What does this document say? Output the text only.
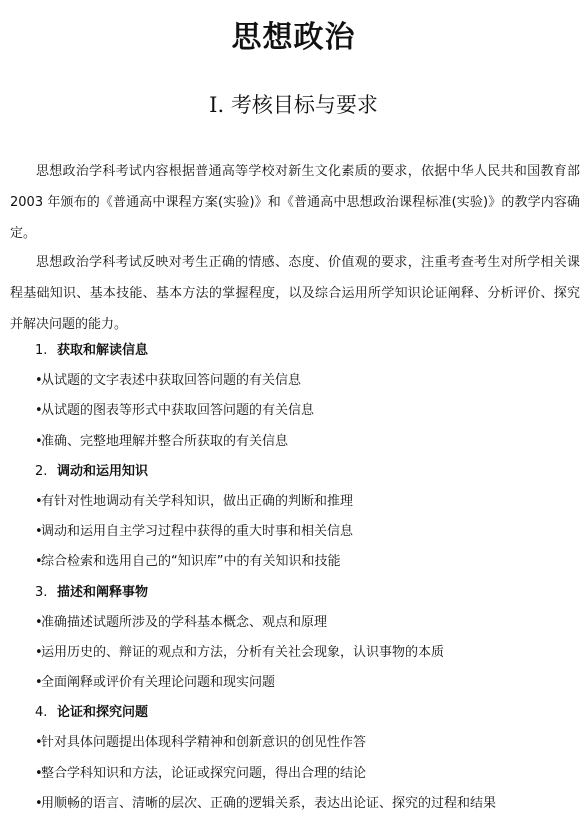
思想政治
Ⅰ. 考核目标与要求

思想政治学科考试内容根据普通高等学校对新生文化素质的要求，依据中华人民共和国教育部 2003 年颁布的《普通高中课程方案(实验)》和《普通高中思想政治课程标准(实验)》的教学内容确定。

思想政治学科考试反映对考生正确的情感、态度、价值观的要求，注重考查考生对所学相关课程基础知识、基本技能、基本方法的掌握程度，以及综合运用所学知识论证阐释、分析评价、探究并解决问题的能力。

1. 获取和解读信息
•从试题的文字表述中获取回答问题的有关信息
•从试题的图表等形式中获取回答问题的有关信息
•准确、完整地理解并整合所获取的有关信息
2. 调动和运用知识
•有针对性地调动有关学科知识，做出正确的判断和推理
•调动和运用自主学习过程中获得的重大时事和相关信息
•综合检索和选用自己的“知识库”中的有关知识和技能
3. 描述和阐释事物
•准确描述试题所涉及的学科基本概念、观点和原理
•运用历史的、辩证的观点和方法，分析有关社会现象，认识事物的本质
•全面阐释或评价有关理论问题和现实问题
4. 论证和探究问题
•针对具体问题提出体现科学精神和创新意识的创见性作答
•整合学科知识和方法，论证或探究问题，得出合理的结论
•用顺畅的语言、清晰的层次、正确的逻辑关系，表达出论证、探究的过程和结果
